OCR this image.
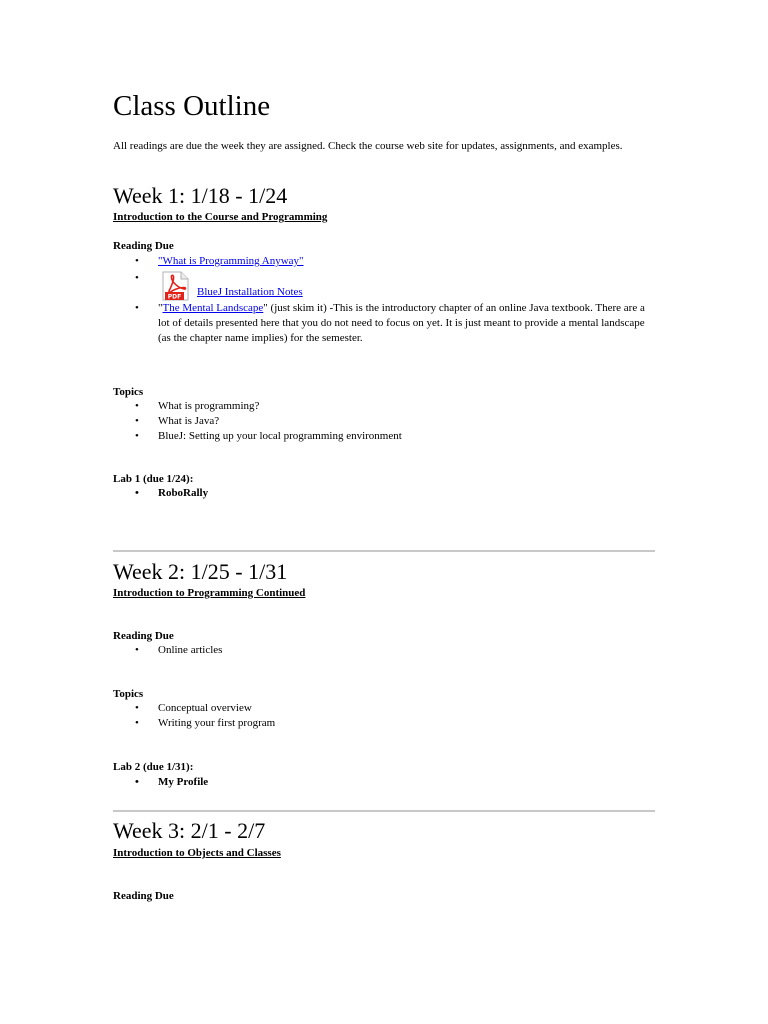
Class Outline

All readings are due the week they are assigned. Check the course web site for updates, assignments, and examples.

Week 1: 1/18 - 1/24

Introduction to the Course and Programming

Reading Due

• "What is Programming Anyway"
• PDF BlueJ Installation Notes
• "The Mental Landscape" (just skim it) -This is the introductory chapter of an online Java textbook. There are a lot of details presented here that you do not need to focus on yet. It is just meant to provide a mental landscape (as the chapter name implies) for the semester.

Topics

• What is programming?
• What is Java?
• BlueJ: Setting up your local programming environment

Lab 1 (due 1/24):

• RoboRally
Week 2: 1/25 - 1/31

Introduction to Programming Continued

Reading Due

• Online articles

Topics

• Conceptual overview
• Writing your first program

Lab 2 (due 1/31):

• My Profile
Week 3: 2/1 - 2/7

Introduction to Objects and Classes

Reading Due
